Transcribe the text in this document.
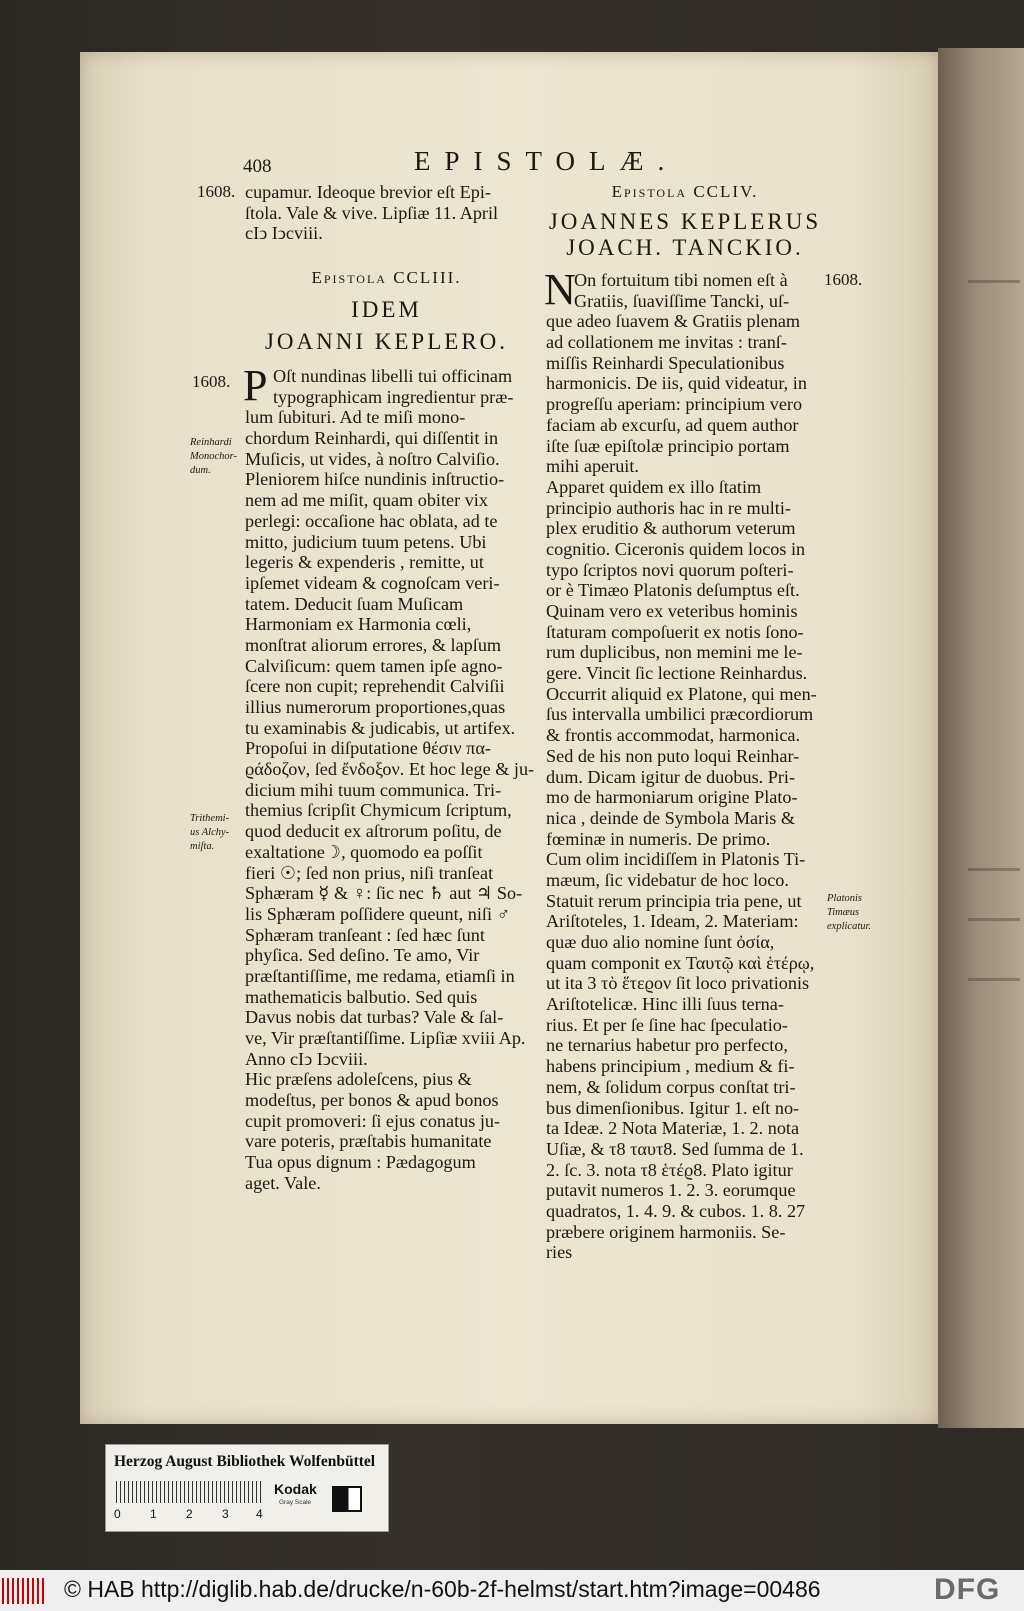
408	EPISTOLÆ.
1608. cupamur. Ideoque brevior eſt Epi-
ſtola. Vale & vive. Lipſiæ 11. April
cIↄ Iↄcviii.
Epistola CCLIII.
IDEM
JOANNI KEPLERO.
1608. P Oſt nundinas libelli tui officinam
typographicam ingredientur præ-
lum ſubituri. Ad te miſi mono-
chordum Reinhardi, qui diſſentit in
Muſicis, ut vides, à noſtro Calviſio.
Pleniorem hiſce nundinis inſtructio-
nem ad me miſit, quam obiter vix
perlegi: occaſione hac oblata, ad te
mitto, judicium tuum petens. Ubi
legeris & expenderis , remitte, ut
ipſemet videam & cognoſcam veri-
tatem. Deducit ſuam Muſicam
Harmoniam ex Harmonia cœli,
monſtrat aliorum errores, & lapſum
Calviſicum: quem tamen ipſe agno-
ſcere non cupit; reprehendit Calviſii
illius numerorum proportiones,quas
tu examinabis & judicabis, ut artifex.
Propoſui in diſputatione θέσιν πα-
ϱάδοζον, ſed ἔνδοξον. Et hoc lege & ju-
dicium mihi tuum communica. Tri-
themius ſcripſit Chymicum ſcriptum,
quod deducit ex aſtrorum poſitu, de
exaltatione☽, quomodo ea poſſit
fieri ☉; ſed non prius, niſi tranſeat
Sphæram ☿ & ♀: ſic nec ♄ aut ♃ So-
lis Sphæram poſſidere queunt, niſi ♂
Sphæram tranſeant : ſed hæc ſunt
phyſica. Sed deſino. Te amo, Vir
præſtantiſſime, me redama, etiamſi in
mathematicis balbutio. Sed quis
Davus nobis dat turbas? Vale & ſal-
ve, Vir præſtantiſſime. Lipſiæ xviii Ap.
Anno cIↄ Iↄcviii.
Hic præſens adoleſcens, pius &
modeſtus, per bonos & apud bonos
cupit promoveri: ſi ejus conatus ju-
vare poteris, præſtabis humanitate
Tua opus dignum : Pædagogum
aget. Vale.
Reinhardi
Monochor-
dum.
Trithemi-
us Alchy-
miſta.
Epistola CCLIV.
JOANNES KEPLERUS
JOACH. TANCKIO.
1608.
N
On fortuitum tibi nomen eſt à
Gratiis, ſuaviſſime Tancki, uſ-
que adeo ſuavem & Gratiis plenam
ad collationem me invitas : tranſ-
miſſis Reinhardi Speculationibus
harmonicis. De iis, quid videatur, in
progreſſu aperiam: principium vero
faciam ab excurſu, ad quem author
iſte ſuæ epiſtolæ principio portam
mihi aperuit.
Apparet quidem ex illo ſtatim
principio authoris hac in re multi-
plex eruditio & authorum veterum
cognitio. Ciceronis quidem locos in
typo ſcriptos novi quorum poſteri-
or è Timæo Platonis deſumptus eſt.
Quinam vero ex veteribus hominis
ſtaturam compoſuerit ex notis ſono-
rum duplicibus, non memini me le-
gere. Vincit ſic lectione Reinhardus.
Occurrit aliquid ex Platone, qui men-
ſus intervalla umbilici præcordiorum
& frontis accommodat, harmonica.
Sed de his non puto loqui Reinhar-
dum. Dicam igitur de duobus. Pri-
mo de harmoniarum origine Plato-
nica , deinde de Symbola Maris &
fœminæ in numeris. De primo.
Cum olim incidiſſem in Platonis Ti-
mæum, ſic videbatur de hoc loco.
Statuit rerum principia tria pene, ut
Ariſtoteles, 1. Ideam, 2. Materiam:
quæ duo alio nomine ſunt ὀσία,
quam componit ex Ταυτῷ καὶ ἑτέρῳ,
ut ita 3 τὸ ἕτεϱον ſit loco privationis
Ariſtotelicæ. Hinc illi ſuus terna-
rius. Et per ſe ſine hac ſpeculatio-
ne ternarius habetur pro perfecto,
habens principium , medium & fi-
nem, & ſolidum corpus conſtat tri-
bus dimenſionibus. Igitur 1. eſt no-
ta Ideæ. 2 Nota Materiæ, 1. 2. nota
Uſiæ, & τ8 ταυτ8. Sed ſumma de 1.
2. ſc. 3. nota τ8 ἑτέϱ8. Plato igitur
putavit numeros 1. 2. 3. eorumque
quadratos, 1. 4. 9. & cubos. 1. 8. 27
præbere originem harmoniis. Se-
ries
Platonis
Timæus
explicatur.
Herzog August Bibliothek Wolfenbüttel
0 1 2 3 4
Kodak
Gray Scale
© HAB http://diglib.hab.de/drucke/n-60b-2f-helmst/start.htm?image=00486	DFG
